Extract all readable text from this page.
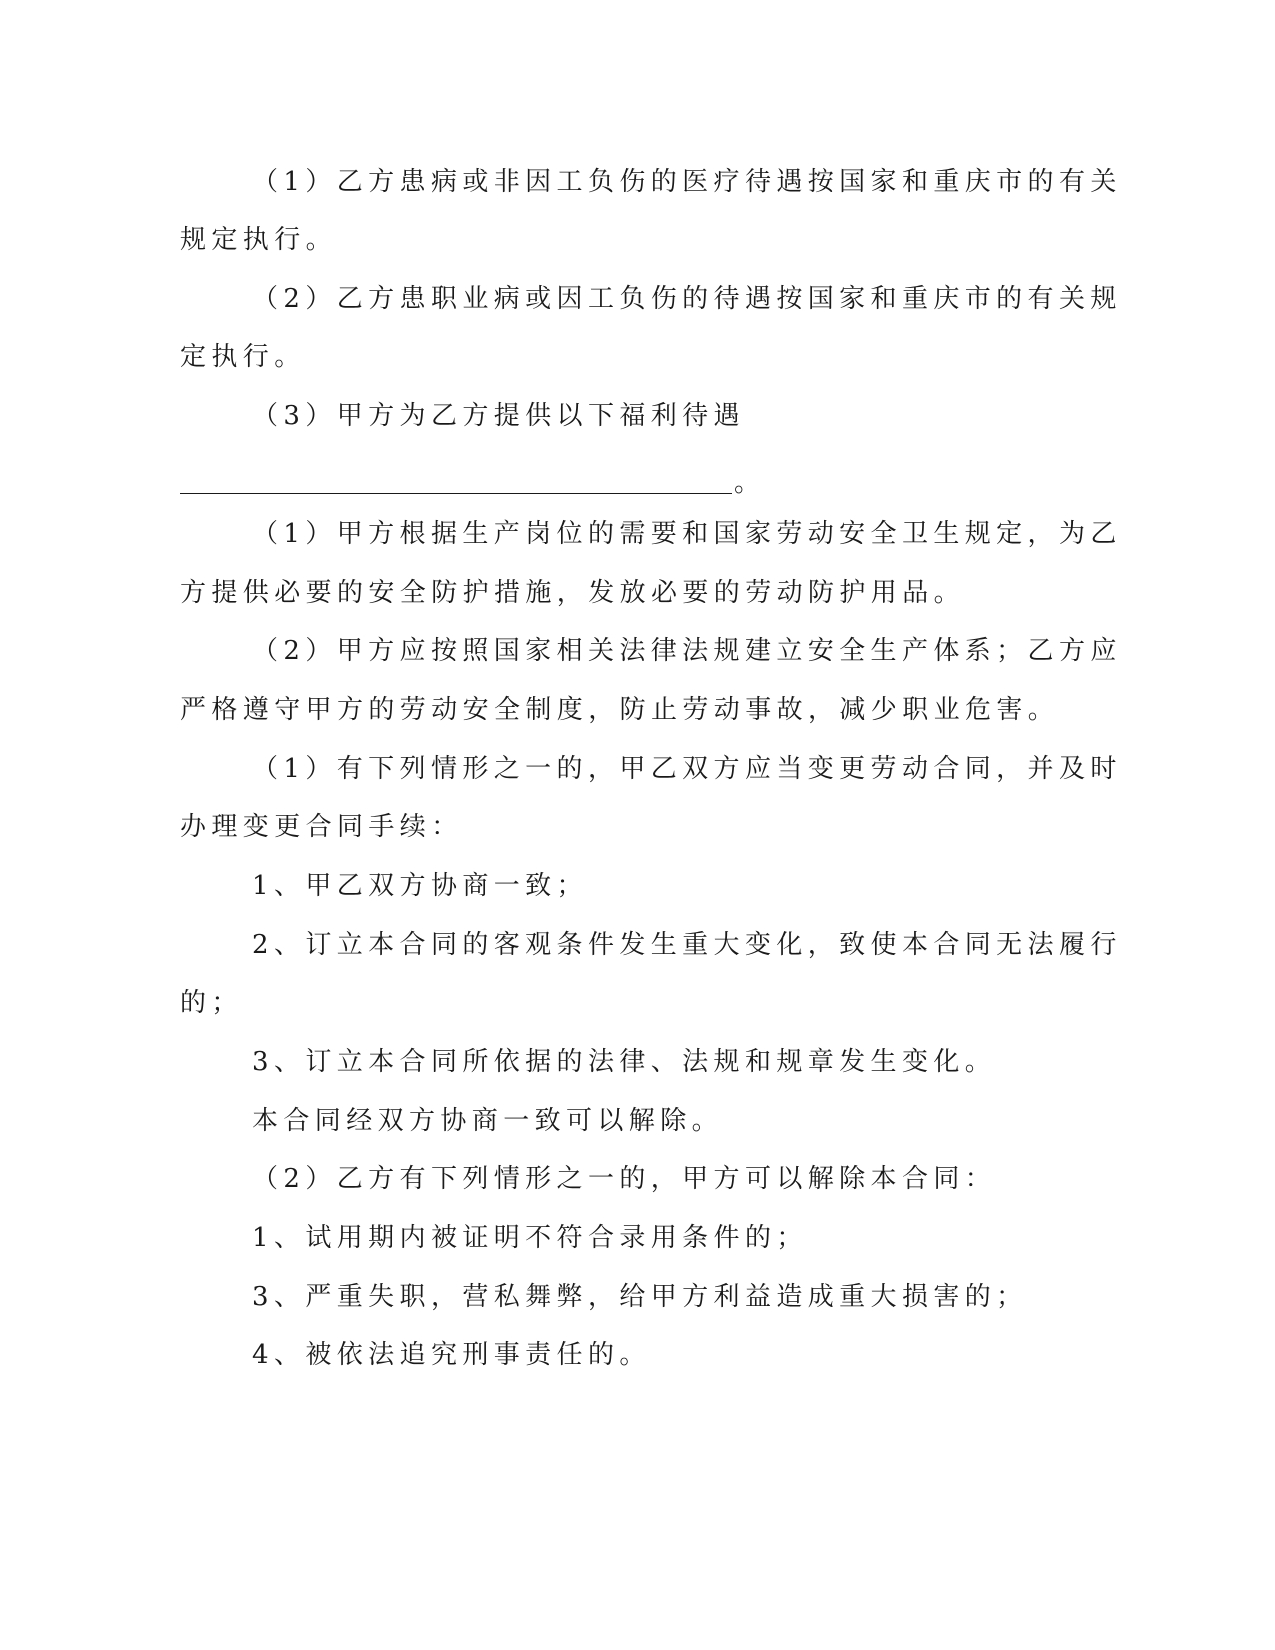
（1）乙方患病或非因工负伤的医疗待遇按国家和重庆市的有关
规定执行。
（2）乙方患职业病或因工负伤的待遇按国家和重庆市的有关规
定执行。
（3）甲方为乙方提供以下福利待遇
。
（1）甲方根据生产岗位的需要和国家劳动安全卫生规定，为乙
方提供必要的安全防护措施，发放必要的劳动防护用品。
（2）甲方应按照国家相关法律法规建立安全生产体系；乙方应
严格遵守甲方的劳动安全制度，防止劳动事故，减少职业危害。
（1）有下列情形之一的，甲乙双方应当变更劳动合同，并及时
办理变更合同手续：
1、甲乙双方协商一致；
2、订立本合同的客观条件发生重大变化，致使本合同无法履行
的；
3、订立本合同所依据的法律、法规和规章发生变化。
本合同经双方协商一致可以解除。
（2）乙方有下列情形之一的，甲方可以解除本合同：
1、试用期内被证明不符合录用条件的；
3、严重失职，营私舞弊，给甲方利益造成重大损害的；
4、被依法追究刑事责任的。
